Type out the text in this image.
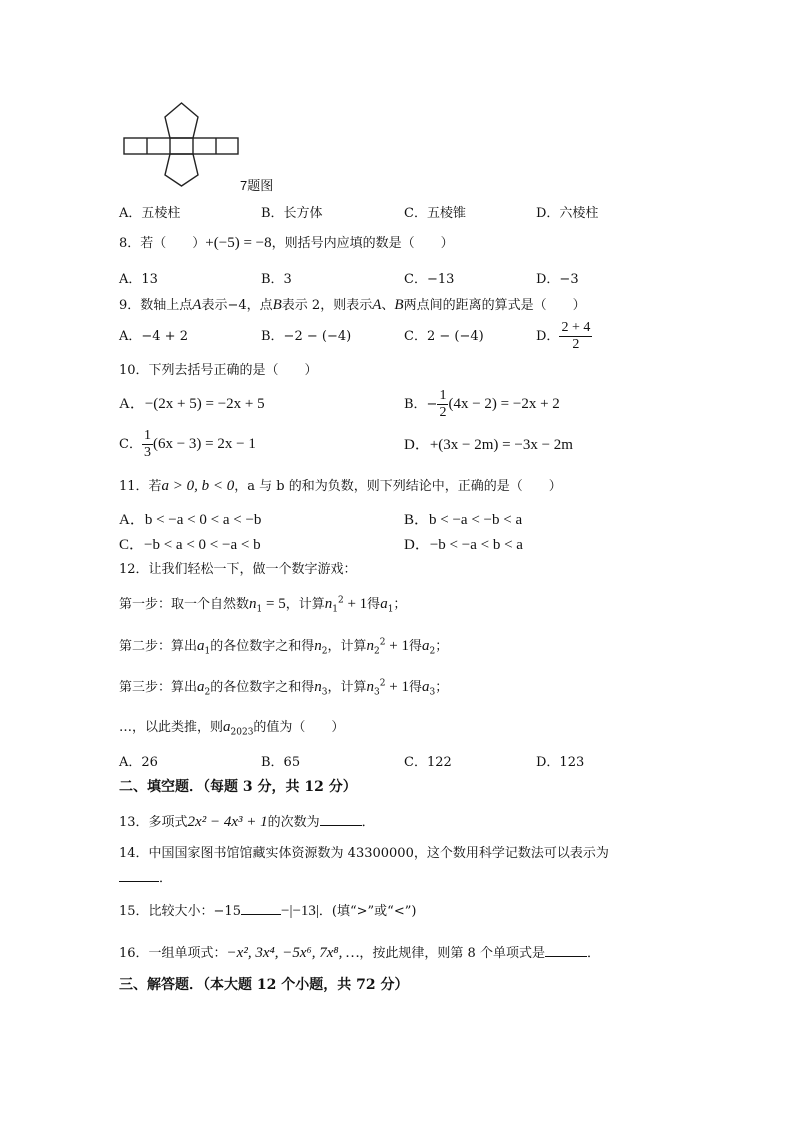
7题图
A．五棱柱	B．长方体	C．五棱锥	D．六棱柱
8．若（　　）+(−5) = −8，则括号内应填的数是（　　）
A．13	B．3	C．−13	D．−3
9．数轴上点A表示−4，点B表示 2，则表示A、B两点间的距离的算式是（　　）
A．−4 + 2	B．−2 − (−4)	C．2 − (−4)	D． $\frac{2 + 4}{2}$
10．下列去括号正确的是（　　）
A．−(2x + 5) = −2x + 5	B．− $\frac{1}{2} (4x - 2) = -2x + 2$
C． $\frac{1}{3} (6x - 3) = 2x - 1$	D．+(3x − 2m) = −3x − 2m
11．若a > 0, b < 0，a 与 b 的和为负数，则下列结论中，正确的是（　　）
A．b < −a < 0 < a < −b	B．b < −a < −b < a
C．−b < a < 0 < −a < b	D．−b < −a < b < a
12．让我们轻松一下，做一个数字游戏：
第一步：取一个自然数$n_1 = 5$，计算$n_1^2 + 1$得$a_1$；
第二步：算出$a_1$的各位数字之和得$n_2$，计算$n_2^2 + 1$得$a_2$；
第三步：算出$a_2$的各位数字之和得$n_3$，计算$n_3^2 + 1$得$a_3$；
…，以此类推，则$a_{2023}$的值为（　　）
A．26	B．65	C．122	D．123
二、填空题．（每题 3 分，共 12 分）
13．多项式2x² − 4x³ + 1的次数为	．
14．中国国家图书馆馆藏实体资源数为 43300000，这个数用科学记数法可以表示为
．
15．比较大小：−15	−|−13|．(填“>”或“<”)
16．一组单项式：−x², 3x⁴, −5x⁶, 7x⁸, …，按此规律，则第 8 个单项式是	．
三、解答题．（本大题 12 个小题，共 72 分）
